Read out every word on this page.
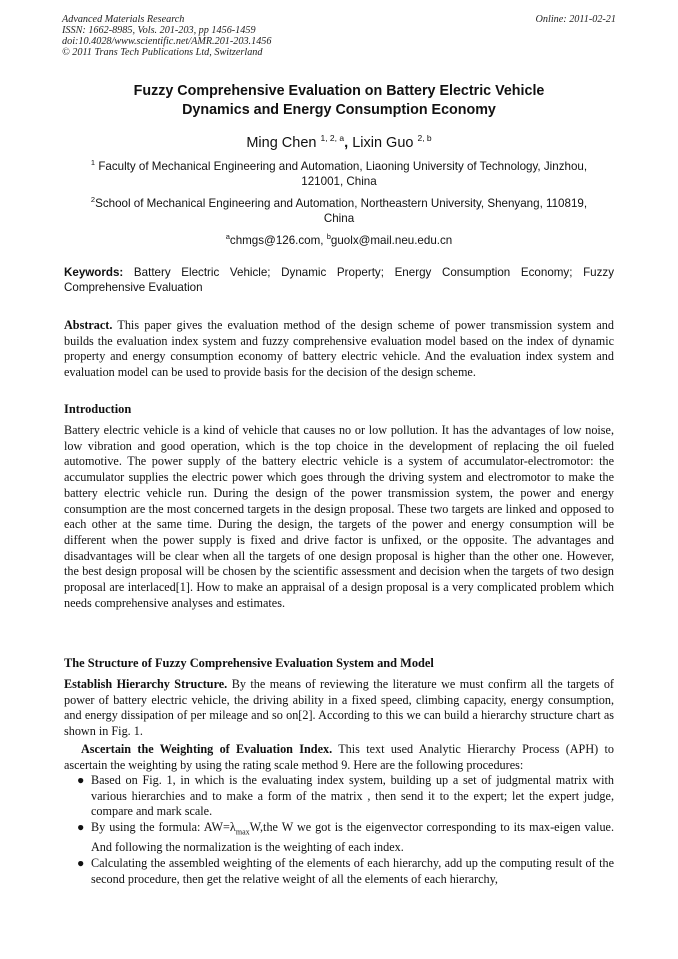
Advanced Materials Research
ISSN: 1662-8985, Vols. 201-203, pp 1456-1459
doi:10.4028/www.scientific.net/AMR.201-203.1456
© 2011 Trans Tech Publications Ltd, Switzerland
Online: 2011-02-21
Fuzzy Comprehensive Evaluation on Battery Electric Vehicle
Dynamics and Energy Consumption Economy
Ming Chen $^{1, 2, a}$, Lixin Guo $^{2, b}$
$^1$ Faculty of Mechanical Engineering and Automation, Liaoning University of Technology, Jinzhou,
121001, China
$^2$School of Mechanical Engineering and Automation, Northeastern University, Shenyang, 110819,
China
$^a$chmgs@126.com, $^b$guolx@mail.neu.edu.cn
Keywords: Battery Electric Vehicle; Dynamic Property; Energy Consumption Economy; Fuzzy Comprehensive Evaluation
Abstract. This paper gives the evaluation method of the design scheme of power transmission system and builds the evaluation index system and fuzzy comprehensive evaluation model based on the index of dynamic property and energy consumption economy of battery electric vehicle. And the evaluation index system and evaluation model can be used to provide basis for the decision of the design scheme.
Introduction
Battery electric vehicle is a kind of vehicle that causes no or low pollution. It has the advantages of low noise, low vibration and good operation, which is the top choice in the development of replacing the oil fueled automotive. The power supply of the battery electric vehicle is a system of accumulator-electromotor: the accumulator supplies the electric power which goes through the driving system and electromotor to make the battery electric vehicle run. During the design of the power transmission system, the power and energy consumption are the most concerned targets in the design proposal. These two targets are linked and opposed to each other at the same time. During the design, the targets of the power and energy consumption will be different when the power supply is fixed and drive factor is unfixed, or the opposite. The advantages and disadvantages will be clear when all the targets of one design proposal is higher than the other one. However, the best design proposal will be chosen by the scientific assessment and decision when the targets of two design proposal are interlaced[1]. How to make an appraisal of a design proposal is a very complicated problem which needs comprehensive analyses and estimates.
The Structure of Fuzzy Comprehensive Evaluation System and Model
Establish Hierarchy Structure. By the means of reviewing the literature we must confirm all the targets of power of battery electric vehicle, the driving ability in a fixed speed, climbing capacity, energy consumption, and energy dissipation of per mileage and so on[2]. According to this we can build a hierarchy structure chart as shown in Fig. 1.
Ascertain the Weighting of Evaluation Index. This text used Analytic Hierarchy Process (APH) to ascertain the weighting by using the rating scale method 9. Here are the following procedures:
● Based on Fig. 1, in which is the evaluating index system, building up a set of judgmental matrix with various hierarchies and to make a form of the matrix , then send it to the expert; let the expert judge, compare and mark scale.
● By using the formula: $AW=\lambda_{max}W,the$ W we got is the eigenvector corresponding to its max-eigen value. And following the normalization is the weighting of each index.
● Calculating the assembled weighting of the elements of each hierarchy, add up the computing result of the second procedure, then get the relative weight of all the elements of each hierarchy,
